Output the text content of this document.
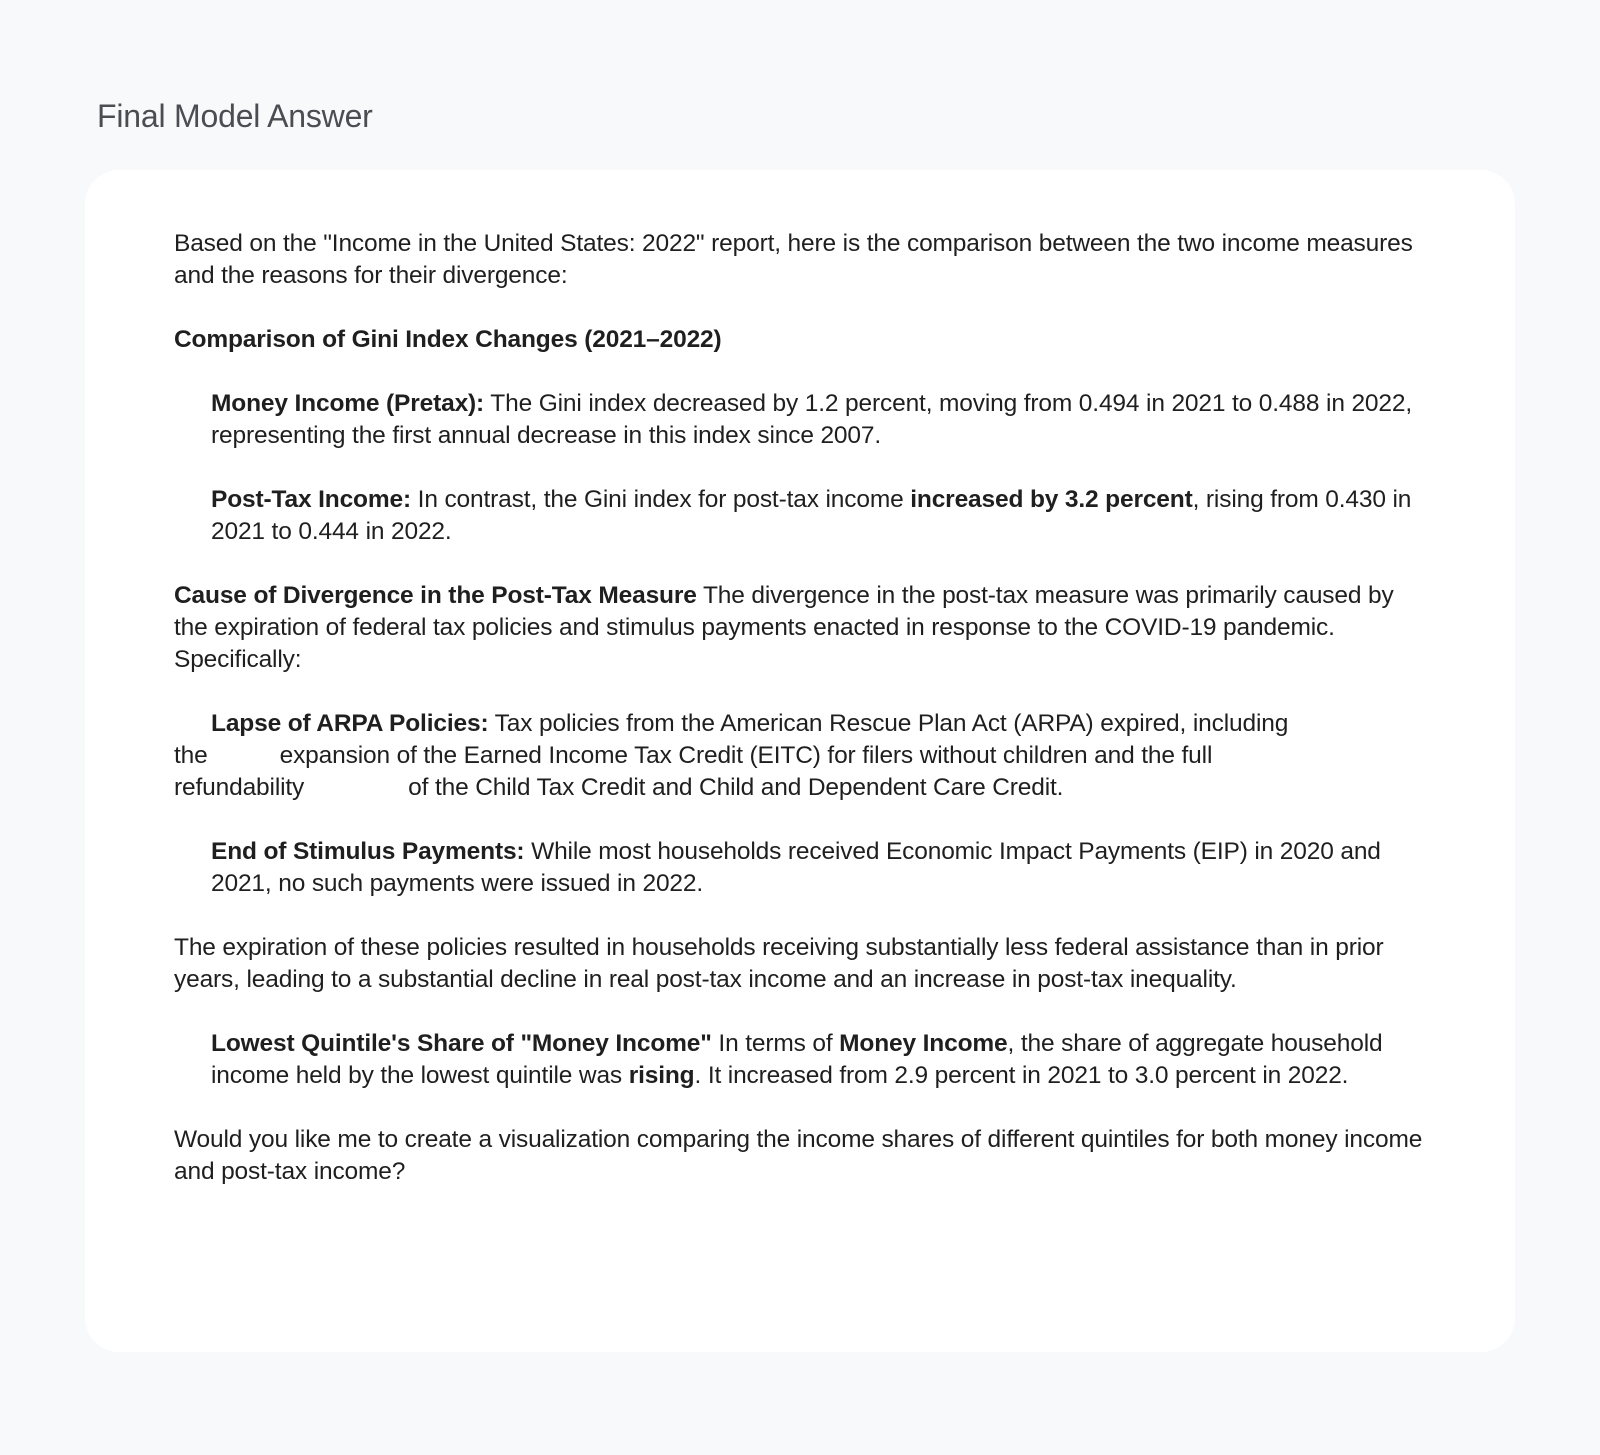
Final Model Answer

Based on the "Income in the United States: 2022" report, here is the comparison between the two income measures and the reasons for their divergence:

Comparison of Gini Index Changes (2021–2022)

Money Income (Pretax): The Gini index decreased by 1.2 percent, moving from 0.494 in 2021 to 0.488 in 2022, representing the first annual decrease in this index since 2007.

Post-Tax Income: In contrast, the Gini index for post-tax income increased by 3.2 percent, rising from 0.430 in 2021 to 0.444 in 2022.

Cause of Divergence in the Post-Tax Measure The divergence in the post-tax measure was primarily caused by the expiration of federal tax policies and stimulus payments enacted in response to the COVID-19 pandemic. Specifically:

Lapse of ARPA Policies: Tax policies from the American Rescue Plan Act (ARPA) expired, including
the	expansion of the Earned Income Tax Credit (EITC) for filers without children and the full
refundability	of the Child Tax Credit and Child and Dependent Care Credit.

End of Stimulus Payments: While most households received Economic Impact Payments (EIP) in 2020 and 2021, no such payments were issued in 2022.

The expiration of these policies resulted in households receiving substantially less federal assistance than in prior years, leading to a substantial decline in real post-tax income and an increase in post-tax inequality.

Lowest Quintile's Share of "Money Income" In terms of Money Income, the share of aggregate household income held by the lowest quintile was rising. It increased from 2.9 percent in 2021 to 3.0 percent in 2022.

Would you like me to create a visualization comparing the income shares of different quintiles for both money income and post-tax income?
